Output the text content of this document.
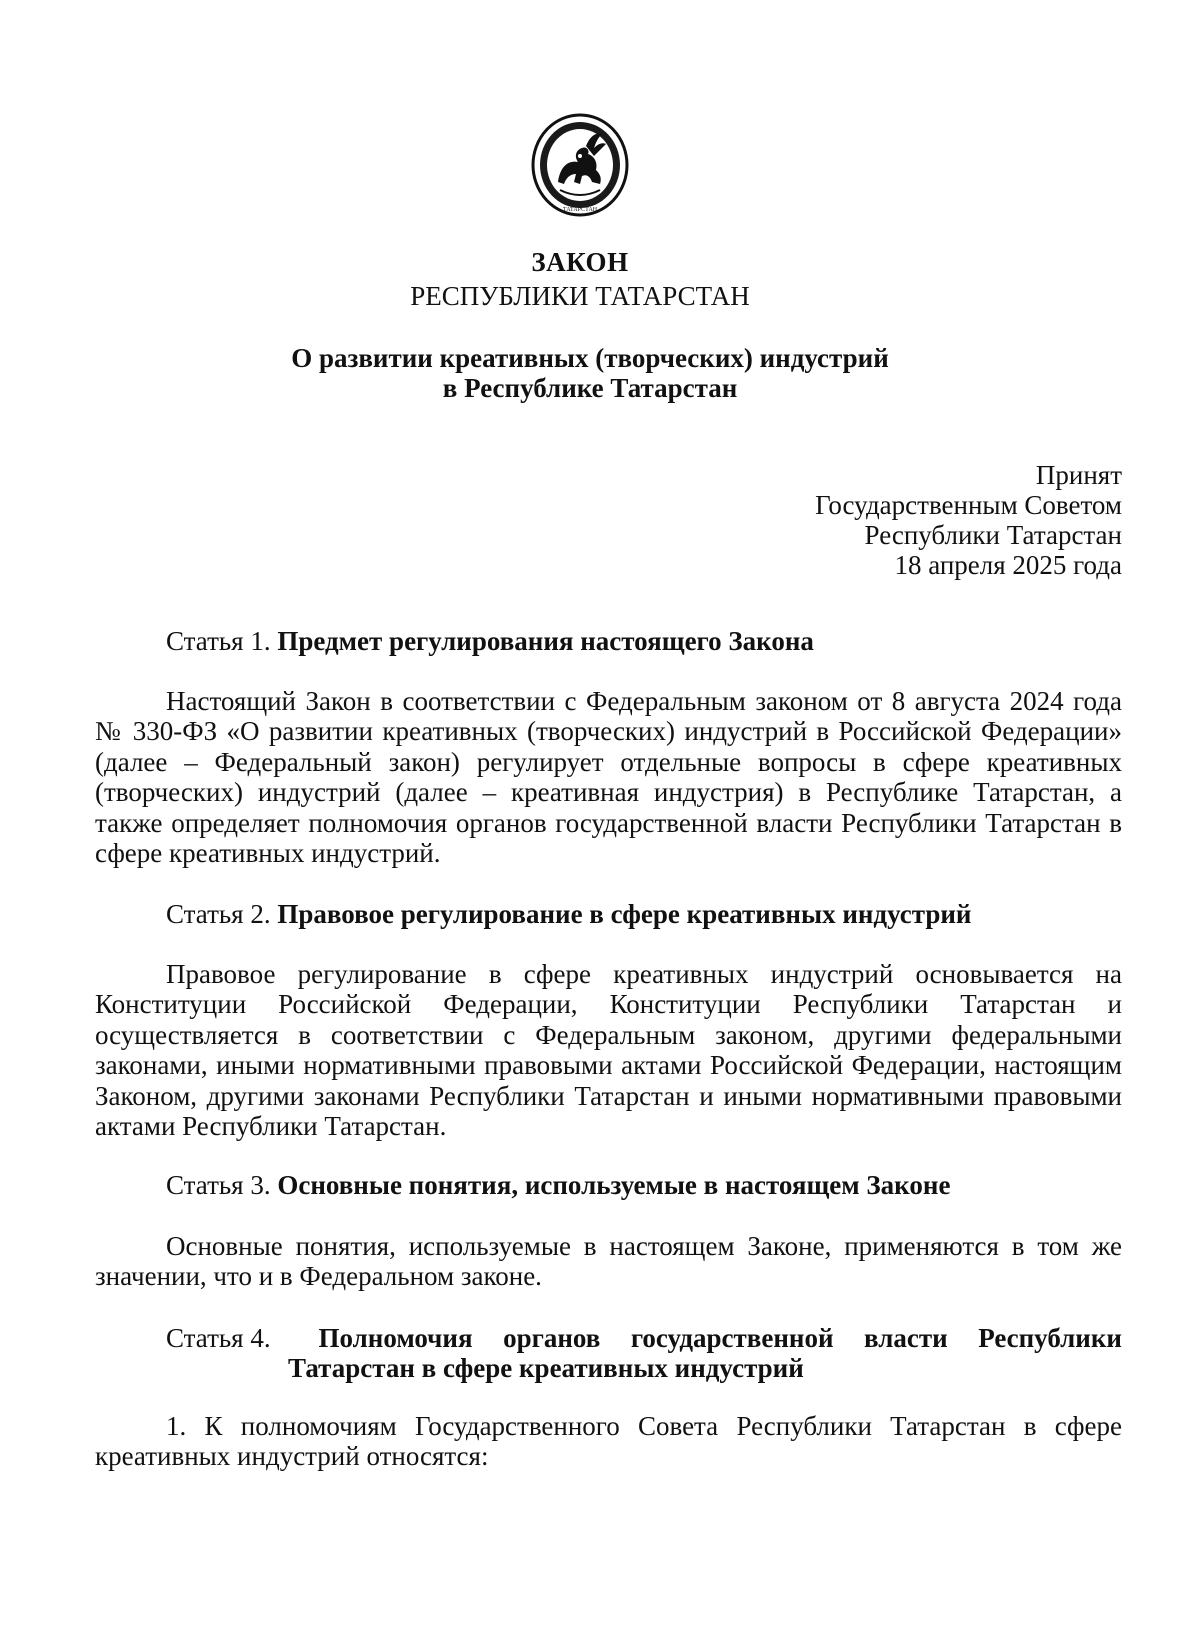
ТАТАРСТАН
ЗАКОН
РЕСПУБЛИКИ ТАТАРСТАН
О развитии креативных (творческих) индустрий
в Республике Татарстан
Принят
Государственным Советом
Республики Татарстан
18 апреля 2025 года
Статья 1. Предмет регулирования настоящего Закона
Настоящий Закон в соответствии с Федеральным законом от 8 августа 2024 года № 330-ФЗ «О развитии креативных (творческих) индустрий в Российской Федерации» (далее – Федеральный закон) регулирует отдельные вопросы в сфере креативных (творческих) индустрий (далее – креативная индустрия) в Республике Татарстан, а также определяет полномочия органов государственной власти Республики Татарстан в сфере креативных индустрий.
Статья 2. Правовое регулирование в сфере креативных индустрий
Правовое регулирование в сфере креативных индустрий основывается на Конституции Российской Федерации, Конституции Республики Татарстан и осуществляется в соответствии с Федеральным законом, другими федеральными законами, иными нормативными правовыми актами Российской Федерации, настоящим Законом, другими законами Республики Татарстан и иными нормативными правовыми актами Республики Татарстан.
Статья 3. Основные понятия, используемые в настоящем Законе
Основные понятия, используемые в настоящем Законе, применяются в том же значении, что и в Федеральном законе.
Статья 4.	Полномочия органов государственной власти Республики
Татарстан в сфере креативных индустрий
1. К полномочиям Государственного Совета Республики Татарстан в сфере креативных индустрий относятся:
